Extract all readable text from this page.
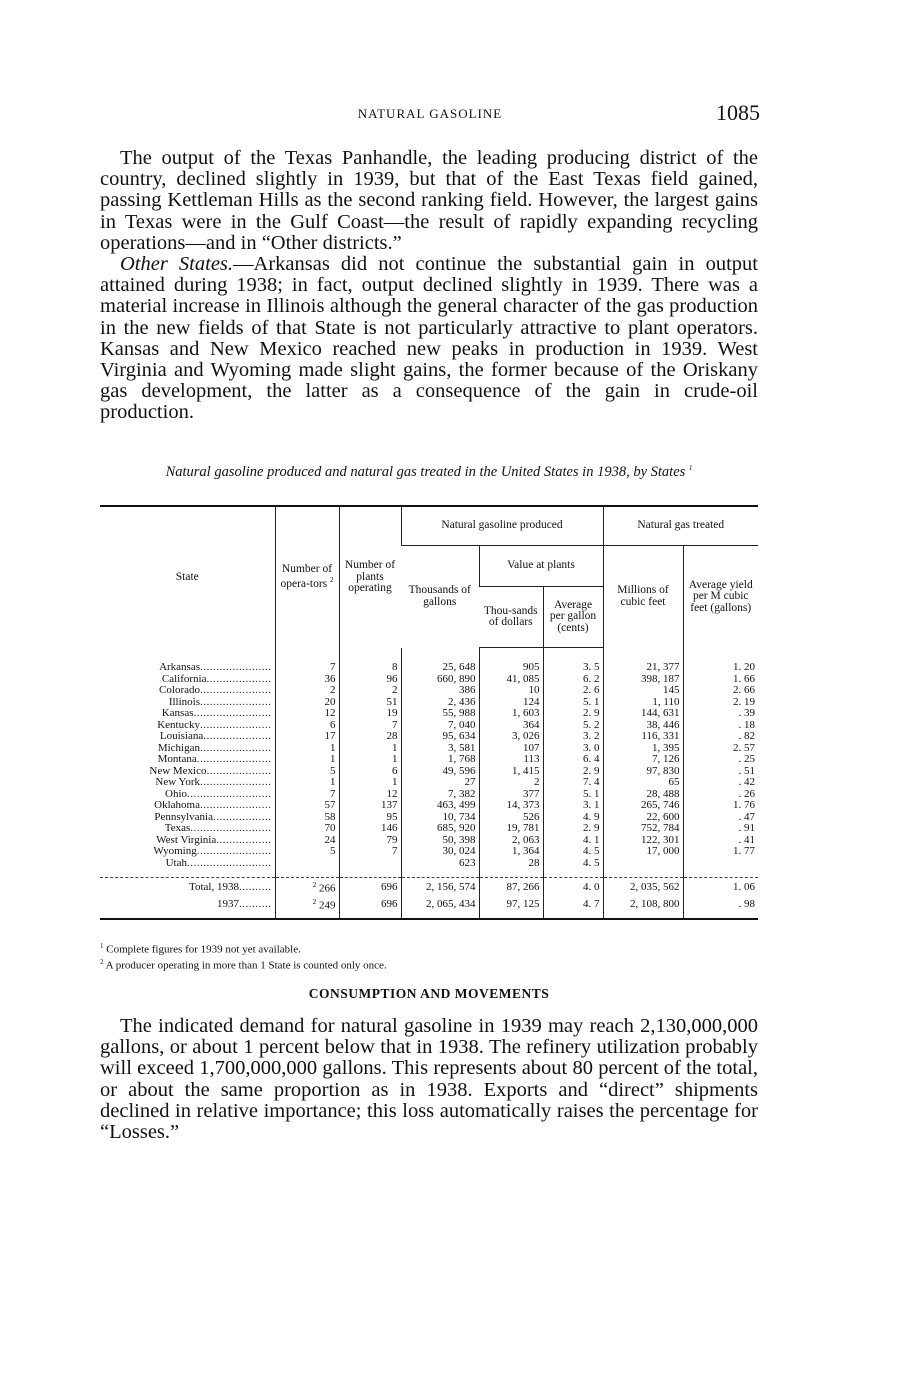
NATURAL GASOLINE	1085

The output of the Texas Panhandle, the leading producing district of the country, declined slightly in 1939, but that of the East Texas field gained, passing Kettleman Hills as the second ranking field. However, the largest gains in Texas were in the Gulf Coast—the result of rapidly expanding recycling operations—and in “Other districts.”

Other States.—Arkansas did not continue the substantial gain in output attained during 1938; in fact, output declined slightly in 1939. There was a material increase in Illinois although the general character of the gas production in the new fields of that State is not particularly attractive to plant operators. Kansas and New Mexico reached new peaks in production in 1939. West Virginia and Wyoming made slight gains, the former because of the Oriskany gas development, the latter as a consequence of the gain in crude-oil production.

Natural gasoline produced and natural gas treated in the United States in 1938, by States $^1$
State	Number of opera-tors $^2$	Number of plants operating	Natural gasoline produced			Natural gas treated	
			Thousands of gallons	Value at plants		Millions of cubic feet	Average yield per M cubic feet (gallons)
				Thou-sands of dollars	Average per gallon (cents)		

Arkansas......................	7	8	25, 648	905	3. 5	21, 377	1. 20
California....................	36	96	660, 890	41, 085	6. 2	398, 187	1. 66
Colorado......................	2	2	386	10	2. 6	145	2. 66
Illinois......................	20	51	2, 436	124	5. 1	1, 110	2. 19
Kansas........................	12	19	55, 988	1, 603	2. 9	144, 631	. 39
Kentucky......................	6	7	7, 040	364	5. 2	38, 446	. 18
Louisiana.....................	17	28	95, 634	3, 026	3. 2	116, 331	. 82
Michigan......................	1	1	3, 581	107	3. 0	1, 395	2. 57
Montana.......................	1	1	1, 768	113	6. 4	7, 126	. 25
New Mexico....................	5	6	49, 596	1, 415	2. 9	97, 830	. 51
New York......................	1	1	27	2	7. 4	65	. 42
Ohio..........................	7	12	7, 382	377	5. 1	28, 488	. 26
Oklahoma......................	57	137	463, 499	14, 373	3. 1	265, 746	1. 76
Pennsylvania..................	58	95	10, 734	526	4. 9	22, 600	. 47
Texas.........................	70	146	685, 920	19, 781	2. 9	752, 784	. 91
West Virginia.................	24	79	50, 398	2, 063	4. 1	122, 301	. 41
Wyoming.......................	5	7	30, 024	1, 364	4. 5	17, 000	1. 77
Utah..........................			623	28	4. 5		

Total, 1938..........	$^2$ 266	696	2, 156, 574	87, 266	4. 0	2, 035, 562	1. 06
1937..........	$^2$ 249	696	2, 065, 434	97, 125	4. 7	2, 108, 800	. 98

$^1$ Complete figures for 1939 not yet available.
$^2$ A producer operating in more than 1 State is counted only once.
CONSUMPTION AND MOVEMENTS

The indicated demand for natural gasoline in 1939 may reach 2,130,000,000 gallons, or about 1 percent below that in 1938. The refinery utilization probably will exceed 1,700,000,000 gallons. This represents about 80 percent of the total, or about the same proportion as in 1938. Exports and “direct” shipments declined in relative importance; this loss automatically raises the percentage for “Losses.”
